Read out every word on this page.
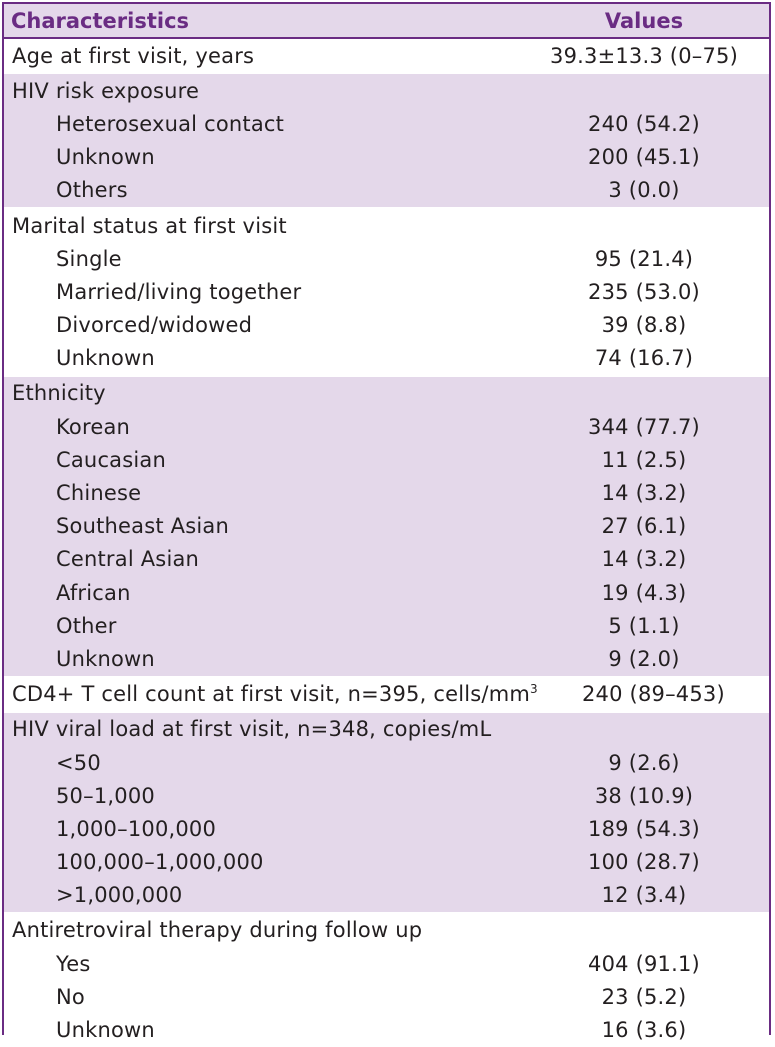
Characteristics	Values
Age at first visit, years	39.3±13.3 (0–75)
HIV risk exposure
Heterosexual contact	240 (54.2)
Unknown	200 (45.1)
Others	3 (0.0)
Marital status at first visit
Single	95 (21.4)
Married/living together	235 (53.0)
Divorced/widowed	39 (8.8)
Unknown	74 (16.7)
Ethnicity
Korean	344 (77.7)
Caucasian	11 (2.5)
Chinese	14 (3.2)
Southeast Asian	27 (6.1)
Central Asian	14 (3.2)
African	19 (4.3)
Other	5 (1.1)
Unknown	9 (2.0)
CD4+ T cell count at first visit, n=395, cells/$mm^3$	240 (89–453)
HIV viral load at first visit, n=348, copies/mL
<50	9 (2.6)
50–1,000	38 (10.9)
1,000–100,000	189 (54.3)
100,000–1,000,000	100 (28.7)
>1,000,000	12 (3.4)
Antiretroviral therapy during follow up
Yes	404 (91.1)
No	23 (5.2)
Unknown	16 (3.6)
